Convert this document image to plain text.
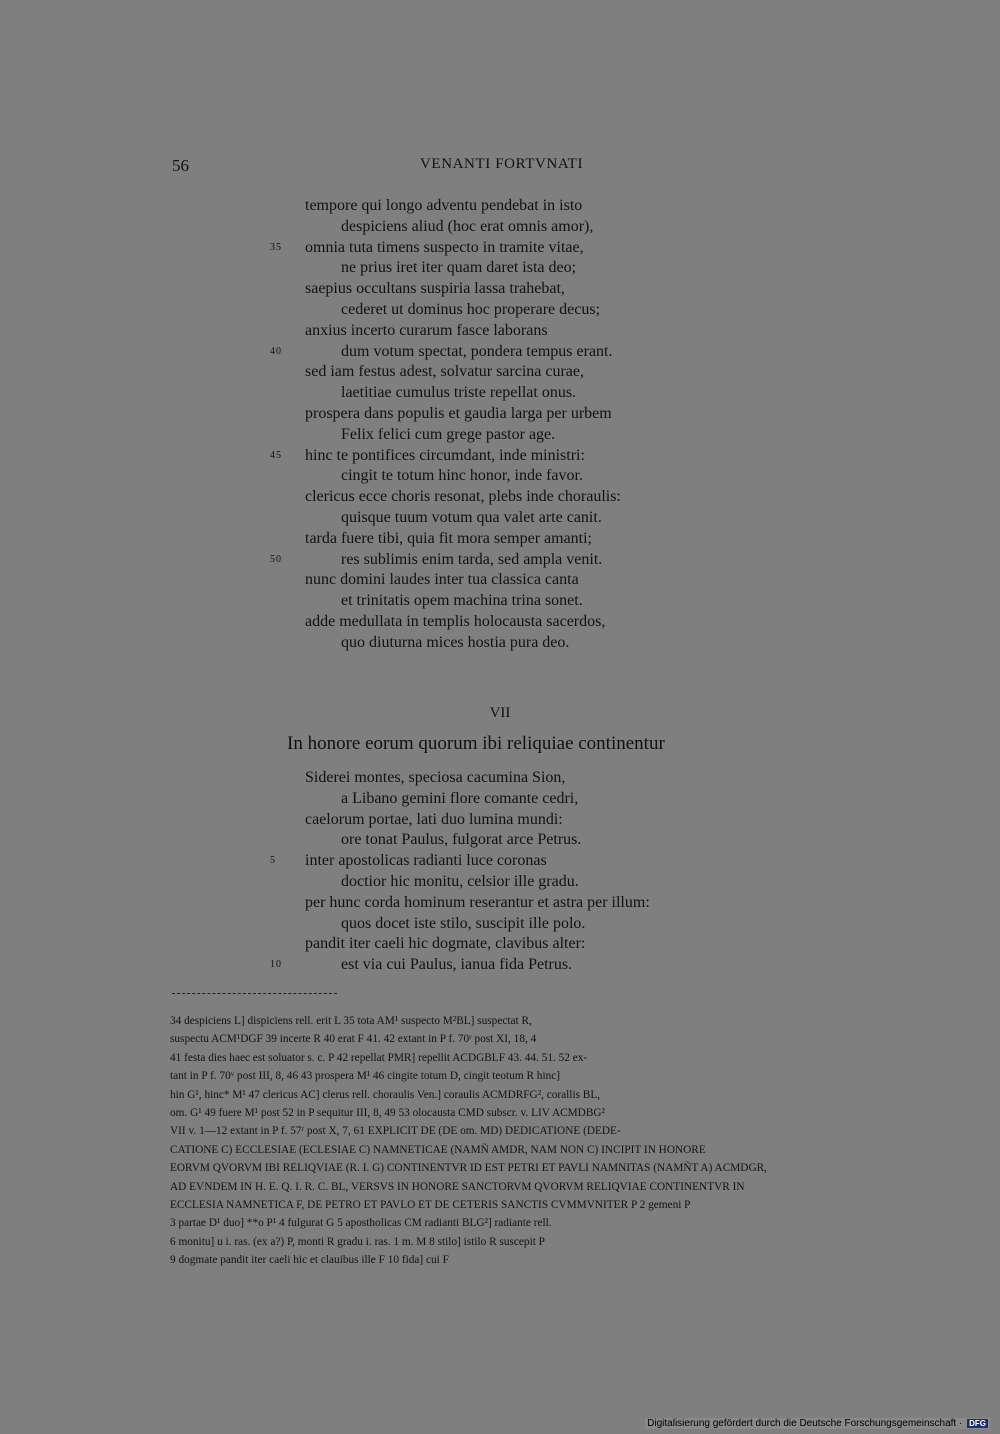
56	VENANTI FORTVNATI
tempore qui longo adventu pendebat in isto
despiciens aliud (hoc erat omnis amor),
35 omnia tuta timens suspecto in tramite vitae,
ne prius iret iter quam daret ista deo;
saepius occultans suspiria lassa trahebat,
cederet ut dominus hoc properare decus;
anxius incerto curarum fasce laborans
40	dum votum spectat, pondera tempus erant.
sed iam festus adest, solvatur sarcina curae,
laetitiae cumulus triste repellat onus.
prospera dans populis et gaudia larga per urbem
Felix felici cum grege pastor age.
45 hinc te pontifices circumdant, inde ministri:
cingit te totum hinc honor, inde favor.
clericus ecce choris resonat, plebs inde choraulis:
quisque tuum votum qua valet arte canit.
tarda fuere tibi, quia fit mora semper amanti;
50	res sublimis enim tarda, sed ampla venit.
nunc domini laudes inter tua classica canta
et trinitatis opem machina trina sonet.
adde medullata in templis holocausta sacerdos,
quo diuturna mices hostia pura deo.
VII
In honore eorum quorum ibi reliquiae continentur
Siderei montes, speciosa cacumina Sion,
a Libano gemini flore comante cedri,
caelorum portae, lati duo lumina mundi:
ore tonat Paulus, fulgorat arce Petrus.
5 inter apostolicas radianti luce coronas
doctior hic monitu, celsior ille gradu.
per hunc corda hominum reserantur et astra per illum:
quos docet iste stilo, suscipit ille polo.
pandit iter caeli hic dogmate, clavibus alter:
10	est via cui Paulus, ianua fida Petrus.
34 despiciens L] dispiciens rell. erit L 35 tota AM¹ suspecto M²BL] suspectat R,
suspectu ACM¹DGF 39 incerte R 40 erat F 41. 42 extant in P f. 70ʳ post XI, 18, 4
41 festa dies haec est soluator s. c. P 42 repellat PMR] repellit ACDGBLF 43. 44. 51. 52 ex-
tant in P f. 70ᵛ post III, 8, 46 43 prospera M¹ 46 cingite totum D, cingit teotum R hinc]
hin G¹, hinc* M¹ 47 clericus AC] clerus rell. choraulis Ven.] coraulis ACMDRFG², corallis BL,
om. G¹ 49 fuere M¹ post 52 in P sequitur III, 8, 49 53 olocausta CMD subscr. v. LIV ACMDBG²
VII v. 1—12 extant in P f. 57ʳ post X, 7, 61 EXPLICIT DE (DE om. MD) DEDICATIONE (DEDE-
CATIONE C) ECCLESIAE (ECLESIAE C) NAMNETICAE (NAMÑ AMDR, NAM NON C) INCIPIT IN HONORE
EORVM QVORVM IBI RELIQVIAE (R. I. G) CONTINENTVR ID EST PETRI ET PAVLI NAMNITAS (NAMÑT A) ACMDGR,
AD EVNDEM IN H. E. Q. I. R. C. BL, VERSVS IN HONORE SANCTORVM QVORVM RELIQVIAE CONTINENTVR IN
ECCLESIA NAMNETICA F, DE PETRO ET PAVLO ET DE CETERIS SANCTIS CVMMVNITER P 2 gemeni P
3 partae D¹ duo] **o P¹ 4 fulgurat G 5 apostholicas CM radianti BLG²] radiante rell.
6 monitu] u i. ras. (ex a?) P, monti R gradu i. ras. 1 m. M 8 stilo] istilo R suscepit P
9 dogmate pandit iter caeli hic et clauibus ille F 10 fida] cui F
Digitalisierung gefördert durch die Deutsche Forschungsgemeinschaft · DFG
